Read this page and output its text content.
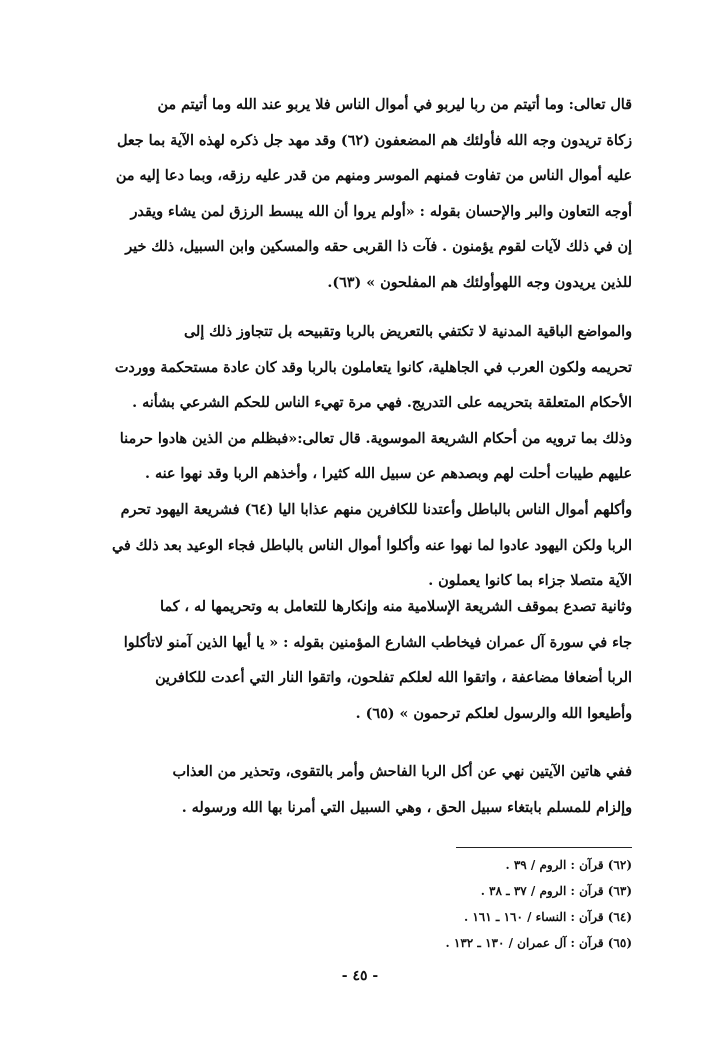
قال تعالى: وما أتيتم من ربا ليربو في أموال الناس فلا يربو عند الله وما أتيتم من
زكاة تريدون وجه الله فأولئك هم المضعفون (٦٢) وقد مهد جل ذكره لهذه الآية بما جعل
عليه أموال الناس من تفاوت فمنهم الموسر ومنهم من قدر عليه رزقه، وبما دعا إليه من
أوجه التعاون والبر والإحسان بقوله : «أولم يروا أن الله يبسط الرزق لمن يشاء ويقدر
إن في ذلك لآيات لقوم يؤمنون . فآت ذا القربى حقه والمسكين وابن السبيل، ذلك خير
للذين يريدون وجه اللهوأولئك هم المفلحون » (٦٣).
والمواضع الباقية المدنية لا تكتفي بالتعريض بالربا وتقبيحه بل تتجاوز ذلك إلى
تحريمه ولكون العرب في الجاهلية، كانوا يتعاملون بالربا وقد كان عادة مستحكمة ووردت
الأحكام المتعلقة بتحريمه على التدريج. فهي مرة تهيء الناس للحكم الشرعي بشأنه .
وذلك بما ترويه من أحكام الشريعة الموسوية. قال تعالى:«فبظلم من الذين هادوا حرمنا
عليهم طيبات أحلت لهم وبصدهم عن سبيل الله كثيرا ، وأخذهم الربا وقد نهوا عنه .
وأكلهم أموال الناس بالباطل وأعتدنا للكافرين منهم عذابا اليا (٦٤) فشريعة اليهود تحرم
الربا ولكن اليهود عادوا لما نهوا عنه وأكلوا أموال الناس بالباطل فجاء الوعيد بعد ذلك في
الآية متصلا جزاء بما كانوا يعملون .
وثانية تصدع بموقف الشريعة الإسلامية منه وإنكارها للتعامل به وتحريمها له ، كما
جاء في سورة آل عمران فيخاطب الشارع المؤمنين بقوله : « يا أيها الذين آمنو لاتأكلوا
الربا أضعافا مضاعفة ، واتقوا الله لعلكم تفلحون، واتقوا النار التي أعدت للكافرين
وأطيعوا الله والرسول لعلكم ترحمون » (٦٥) .
ففي هاتين الآيتين نهي عن أكل الربا الفاحش وأمر بالتقوى، وتحذير من العذاب
وإلزام للمسلم بابتغاء سبيل الحق ، وهي السبيل التي أمرنا بها الله ورسوله .
(٦٢) قرآن : الروم / ٣٩ .
(٦٣) قرآن : الروم / ٣٧ ـ ٣٨ .
(٦٤) قرآن : النساء / ١٦٠ ـ ١٦١ .
(٦٥) قرآن : آل عمران / ١٣٠ ـ ١٣٢ .
- ٤٥ -
